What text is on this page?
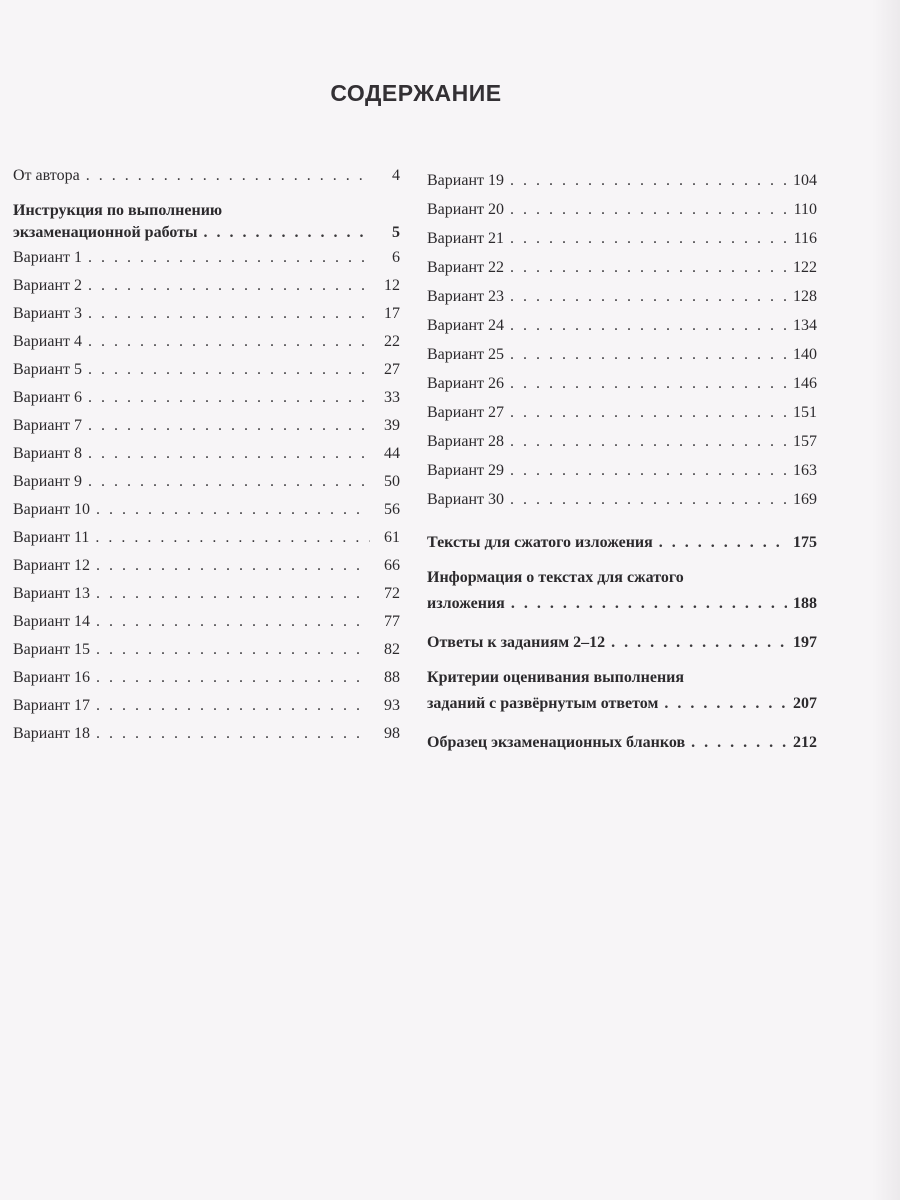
СОДЕРЖАНИЕ
От автора . . .	4
Инструкция по выполнению
экзаменационной работы . . .	5
Вариант 1 . . .	6
Вариант 2 . . .	12
Вариант 3 . . .	17
Вариант 4 . . .	22
Вариант 5 . . .	27
Вариант 6 . . .	33
Вариант 7 . . .	39
Вариант 8 . . .	44
Вариант 9 . . .	50
Вариант 10 . . .	56
Вариант 11 . . .	61
Вариант 12 . . .	66
Вариант 13 . . .	72
Вариант 14 . . .	77
Вариант 15 . . .	82
Вариант 16 . . .	88
Вариант 17 . . .	93
Вариант 18 . . .	98
Вариант 19 . . .	104
Вариант 20 . . .	110
Вариант 21 . . .	116
Вариант 22 . . .	122
Вариант 23 . . .	128
Вариант 24 . . .	134
Вариант 25 . . .	140
Вариант 26 . . .	146
Вариант 27 . . .	151
Вариант 28 . . .	157
Вариант 29 . . .	163
Вариант 30 . . .	169
Тексты для сжатого изложения . . .	175
Информация о текстах для сжатого
изложения . . .	188
Ответы к заданиям 2–12 . . .	197
Критерии оценивания выполнения
заданий с развёрнутым ответом . . .	207
Образец экзаменационных бланков . . .	212
